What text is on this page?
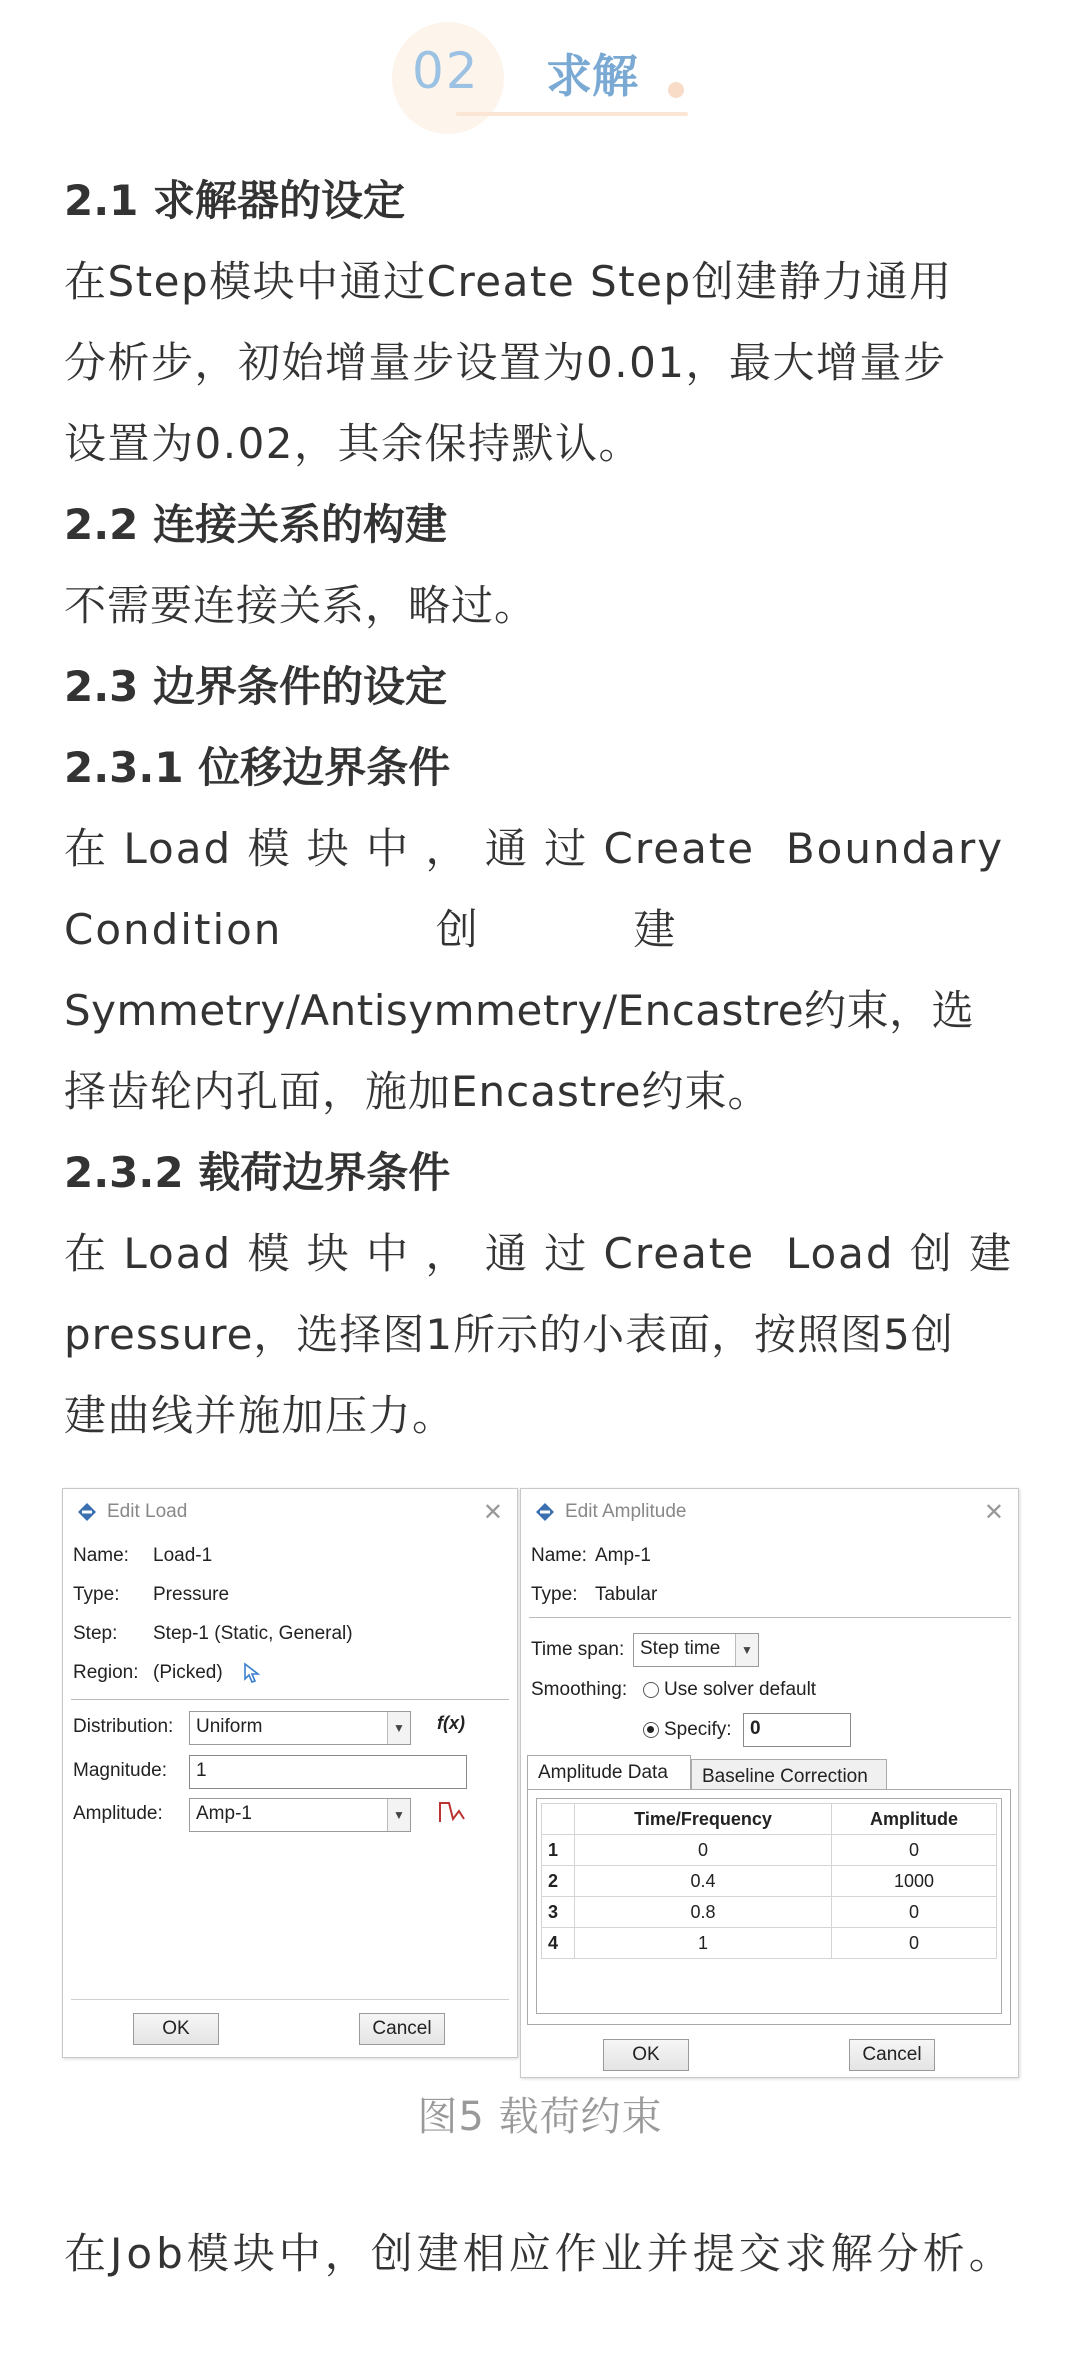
02 求解
2.1 求解器的设定
在Step模块中通过Create Step创建静力通用
分析步，初始增量步设置为0.01，最大增量步
设置为0.02，其余保持默认。
2.2 连接关系的构建
不需要连接关系，略过。
2.3 边界条件的设定
2.3.1 位移边界条件
在 Load 模 块 中 ， 通 过 Create  Boundary
Condition          创          建
Symmetry/Antisymmetry/Encastre约束，选
择齿轮内孔面，施加Encastre约束。
2.3.2 载荷边界条件
在 Load 模 块 中 ， 通 过 Create  Load 创 建
pressure，选择图1所示的小表面，按照图5创
建曲线并施加压力。
Edit Load	✕
Name: Load-1
Type: Pressure
Step: Step-1 (Static, General)
Region: (Picked)
Distribution:	Uniform	▼ f(x)
Magnitude:	1
Amplitude:	Amp-1	▼
OK	Cancel
Edit Amplitude	✕
Name: Amp-1
Type: Tabular
Time span: Step time	▼
Smoothing:	Use solver default
Specify: 0
Amplitude Data	Baseline Correction
	Time/Frequency	Amplitude
1	0	0
2	0.4	1000
3	0.8	0
4	1	0
OK	Cancel
图5 载荷约束
在Job模块中，创建相应作业并提交求解分析。
